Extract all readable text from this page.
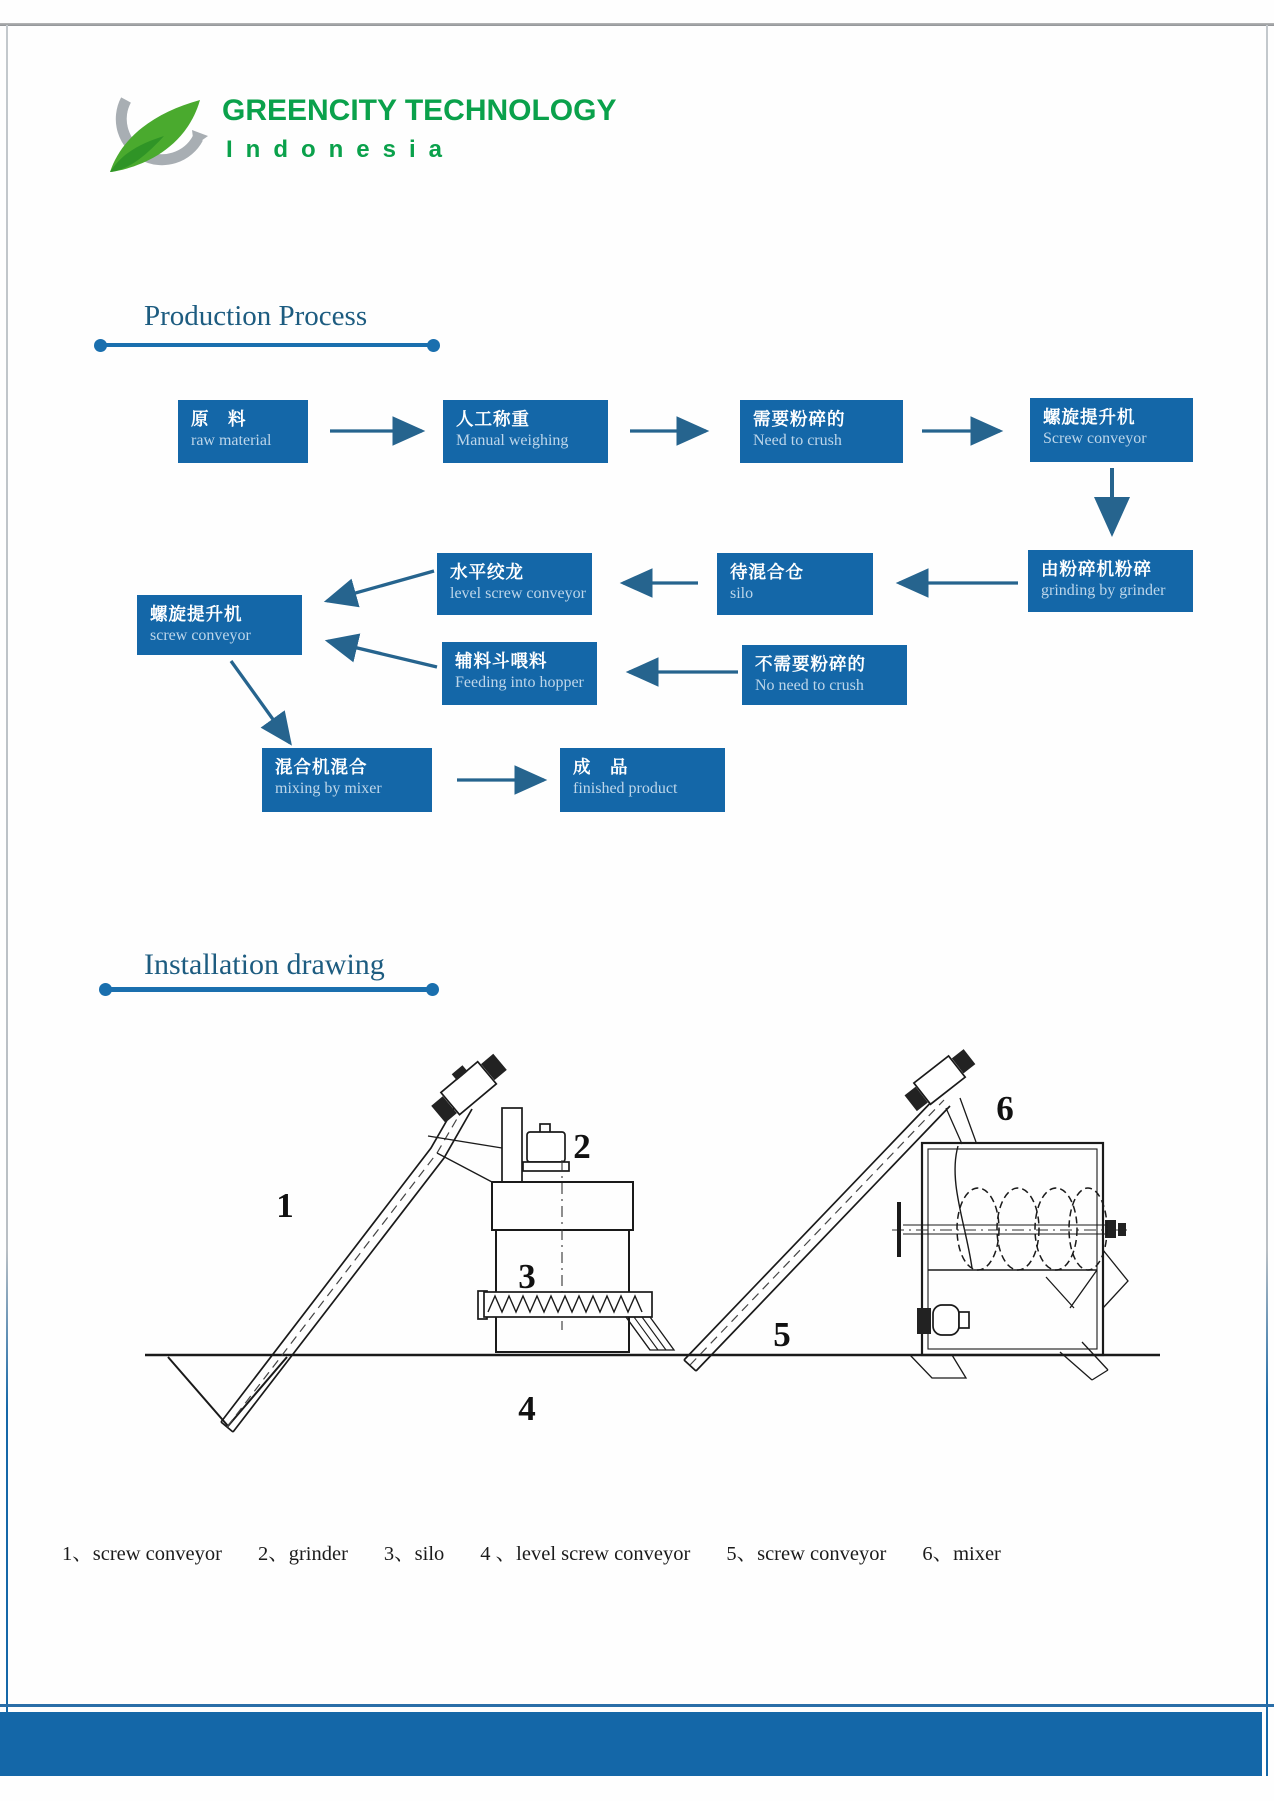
GREENCITY TECHNOLOGY
Indonesia
Production Process
原　料
raw material
人工称重
Manual weighing
需要粉碎的
Need to crush
螺旋提升机
Screw conveyor
由粉碎机粉碎
grinding by grinder
待混合仓
silo
水平绞龙
level screw conveyor
辅料斗喂料
Feeding into hopper
不需要粉碎的
No need to crush
螺旋提升机
screw conveyor
混合机混合
mixing by mixer
成　品
finished product
Installation drawing
1
2
3
4
5
6
1、screw conveyor 2、grinder 3、silo 4 、level screw conveyor 5、screw conveyor 6、mixer
